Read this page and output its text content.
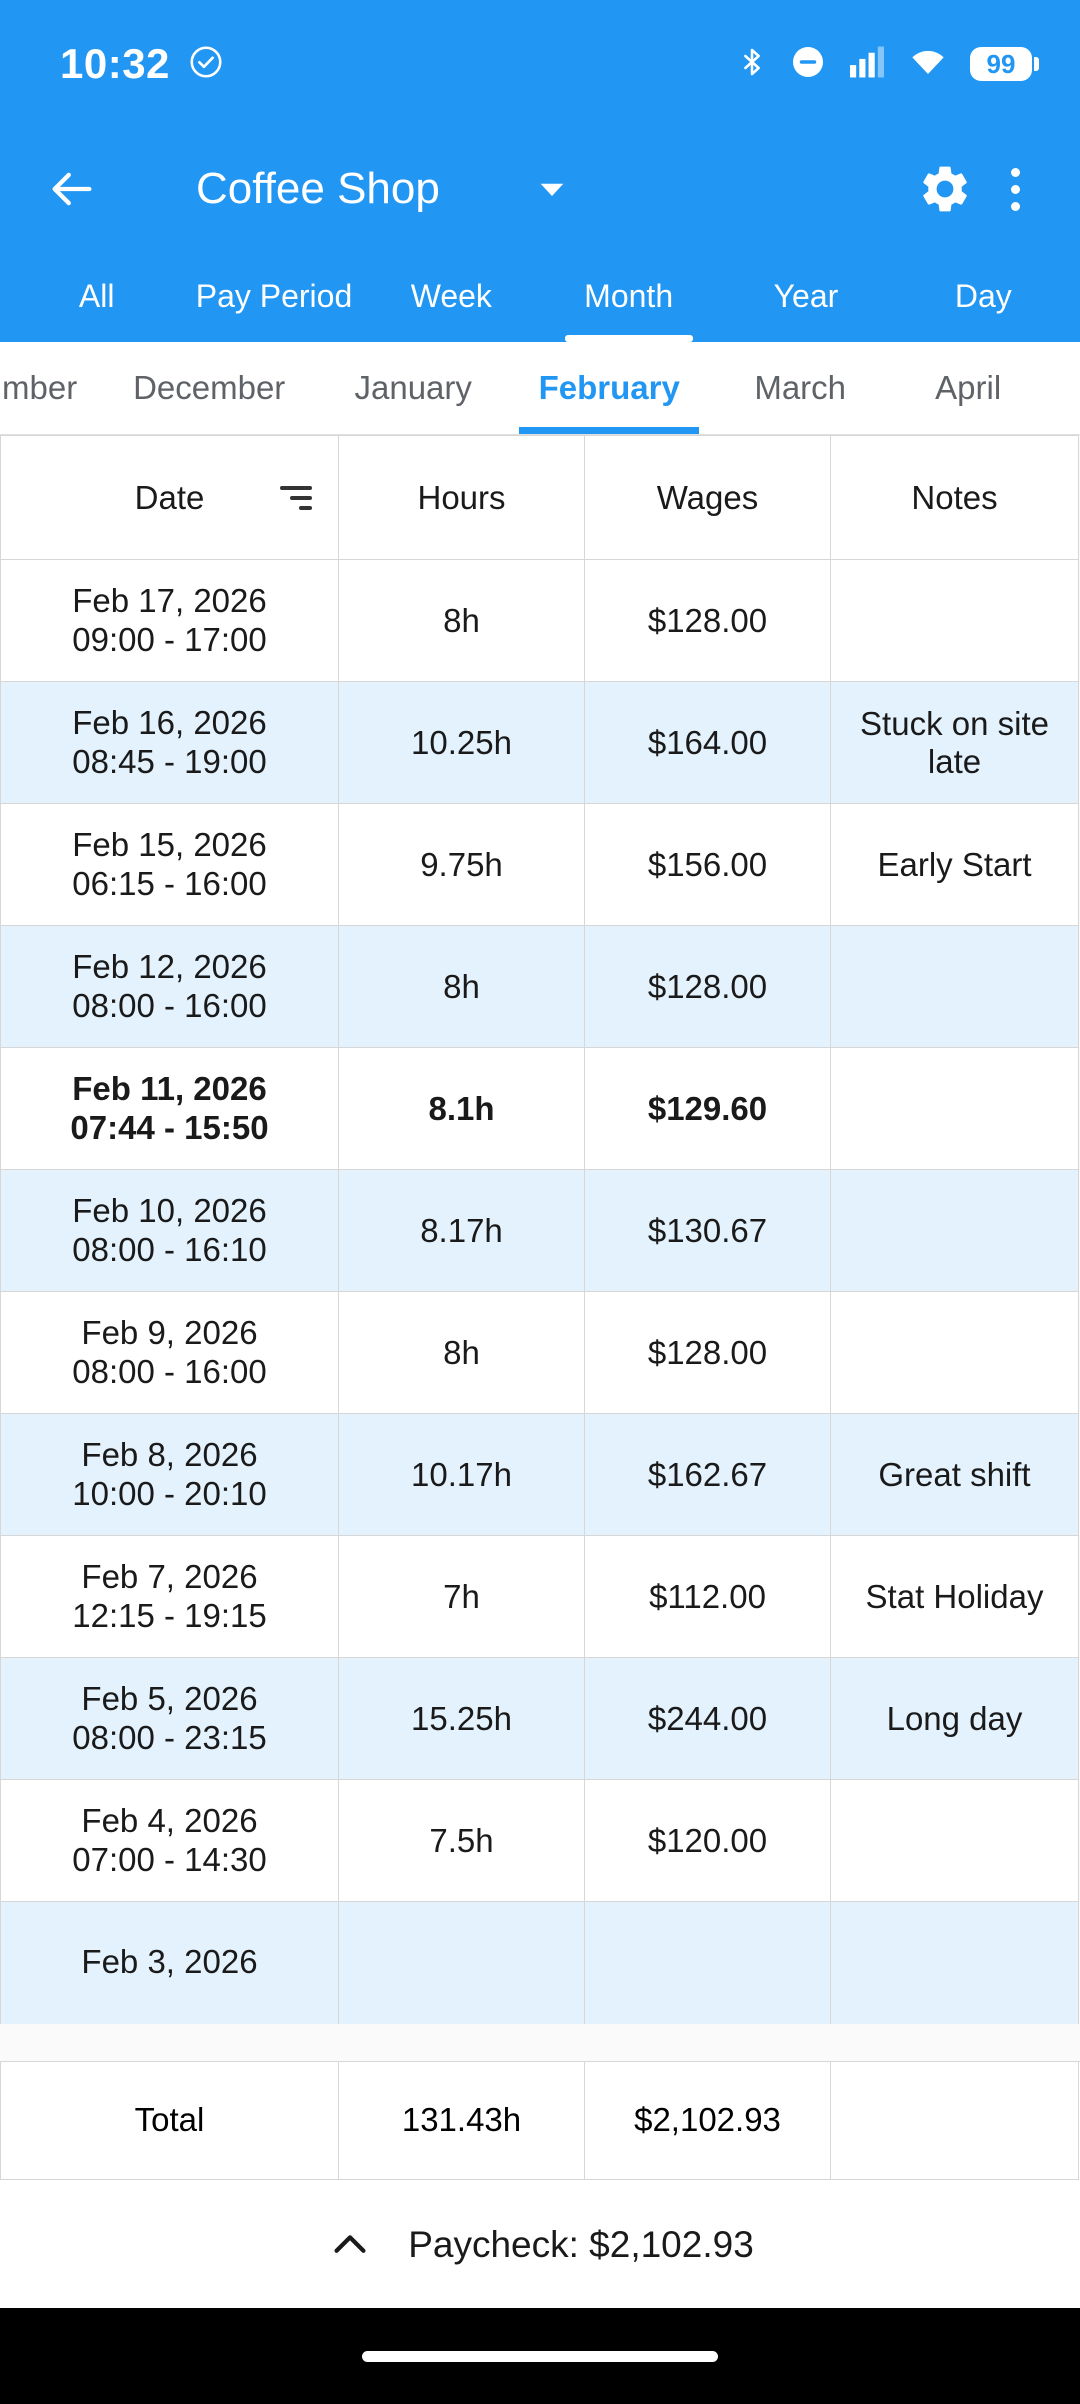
10:32	99
Coffee Shop
All	Pay Period	Week	Month	Year	Day
mber	December	January	February	March	April
Date	Hours	Wages	Notes

Feb 17, 2026
09:00 - 17:00	8h	$128.00	

Feb 16, 2026
08:45 - 19:00	10.25h	$164.00	Stuck on site late

Feb 15, 2026
06:15 - 16:00	9.75h	$156.00	Early Start

Feb 12, 2026
08:00 - 16:00	8h	$128.00	

Feb 11, 2026
07:44 - 15:50	8.1h	$129.60	

Feb 10, 2026
08:00 - 16:10	8.17h	$130.67	

Feb 9, 2026
08:00 - 16:00	8h	$128.00	

Feb 8, 2026
10:00 - 20:10	10.17h	$162.67	Great shift

Feb 7, 2026
12:15 - 19:15	7h	$112.00	Stat Holiday

Feb 5, 2026
08:00 - 23:15	15.25h	$244.00	Long day

Feb 4, 2026
07:00 - 14:30	7.5h	$120.00	

Feb 3, 2026			

Total	131.43h	$2,102.93	
Paycheck: $2,102.93
